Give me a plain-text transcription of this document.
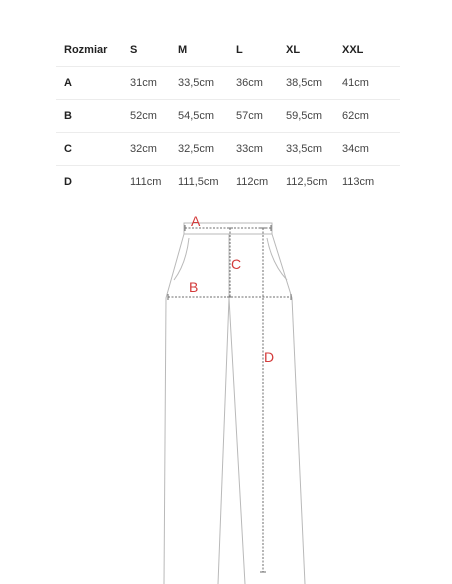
Rozmiar	S	M	L	XL	XXL
A	31cm	33,5cm	36cm	38,5cm	41cm
B	52cm	54,5cm	57cm	59,5cm	62cm
C	32cm	32,5cm	33cm	33,5cm	34cm
D	111cm	111,5cm	112cm	112,5cm	113cm
A
B
C
D
